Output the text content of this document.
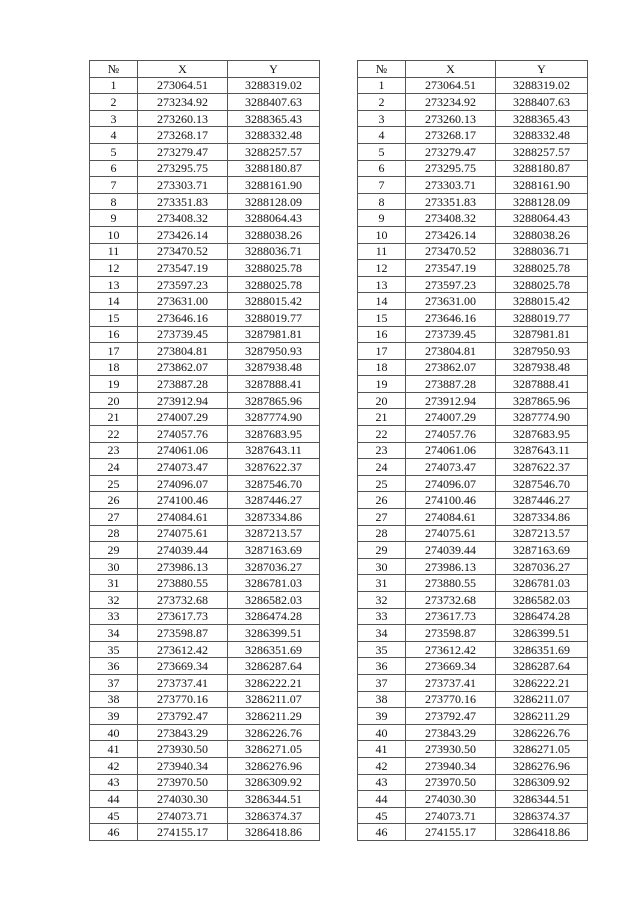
№	X	Y
1	273064.51	3288319.02
2	273234.92	3288407.63
3	273260.13	3288365.43
4	273268.17	3288332.48
5	273279.47	3288257.57
6	273295.75	3288180.87
7	273303.71	3288161.90
8	273351.83	3288128.09
9	273408.32	3288064.43
10	273426.14	3288038.26
11	273470.52	3288036.71
12	273547.19	3288025.78
13	273597.23	3288025.78
14	273631.00	3288015.42
15	273646.16	3288019.77
16	273739.45	3287981.81
17	273804.81	3287950.93
18	273862.07	3287938.48
19	273887.28	3287888.41
20	273912.94	3287865.96
21	274007.29	3287774.90
22	274057.76	3287683.95
23	274061.06	3287643.11
24	274073.47	3287622.37
25	274096.07	3287546.70
26	274100.46	3287446.27
27	274084.61	3287334.86
28	274075.61	3287213.57
29	274039.44	3287163.69
30	273986.13	3287036.27
31	273880.55	3286781.03
32	273732.68	3286582.03
33	273617.73	3286474.28
34	273598.87	3286399.51
35	273612.42	3286351.69
36	273669.34	3286287.64
37	273737.41	3286222.21
38	273770.16	3286211.07
39	273792.47	3286211.29
40	273843.29	3286226.76
41	273930.50	3286271.05
42	273940.34	3286276.96
43	273970.50	3286309.92
44	274030.30	3286344.51
45	274073.71	3286374.37
46	274155.17	3286418.86
№	X	Y
1	273064.51	3288319.02
2	273234.92	3288407.63
3	273260.13	3288365.43
4	273268.17	3288332.48
5	273279.47	3288257.57
6	273295.75	3288180.87
7	273303.71	3288161.90
8	273351.83	3288128.09
9	273408.32	3288064.43
10	273426.14	3288038.26
11	273470.52	3288036.71
12	273547.19	3288025.78
13	273597.23	3288025.78
14	273631.00	3288015.42
15	273646.16	3288019.77
16	273739.45	3287981.81
17	273804.81	3287950.93
18	273862.07	3287938.48
19	273887.28	3287888.41
20	273912.94	3287865.96
21	274007.29	3287774.90
22	274057.76	3287683.95
23	274061.06	3287643.11
24	274073.47	3287622.37
25	274096.07	3287546.70
26	274100.46	3287446.27
27	274084.61	3287334.86
28	274075.61	3287213.57
29	274039.44	3287163.69
30	273986.13	3287036.27
31	273880.55	3286781.03
32	273732.68	3286582.03
33	273617.73	3286474.28
34	273598.87	3286399.51
35	273612.42	3286351.69
36	273669.34	3286287.64
37	273737.41	3286222.21
38	273770.16	3286211.07
39	273792.47	3286211.29
40	273843.29	3286226.76
41	273930.50	3286271.05
42	273940.34	3286276.96
43	273970.50	3286309.92
44	274030.30	3286344.51
45	274073.71	3286374.37
46	274155.17	3286418.86
